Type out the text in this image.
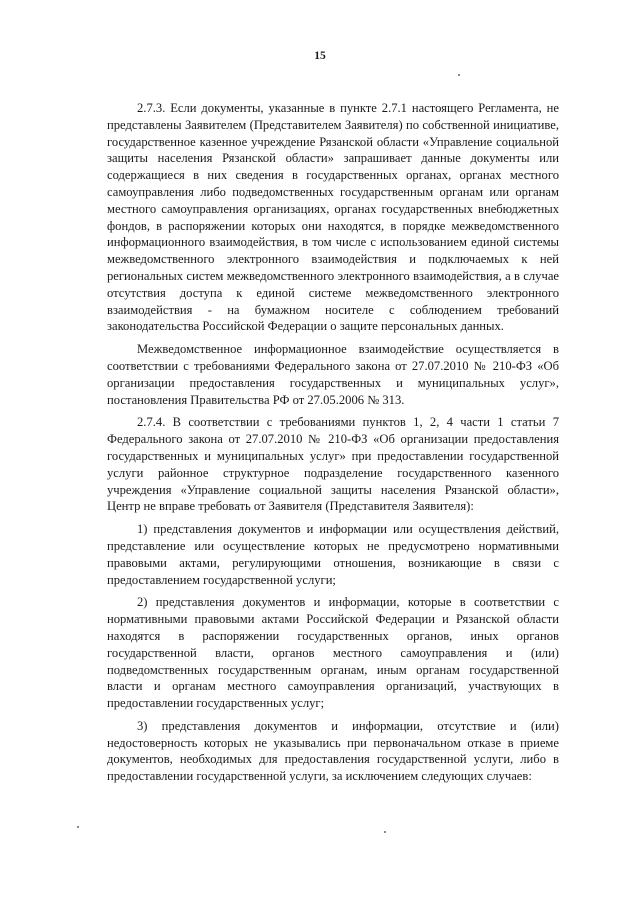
15

2.7.3. Если документы, указанные в пункте 2.7.1 настоящего Регламента, не представлены Заявителем (Представителем Заявителя) по собственной инициативе, государственное казенное учреждение Рязанской области «Управление социальной защиты населения Рязанской области» запрашивает данные документы или содержащиеся в них сведения в государственных органах, органах местного самоуправления либо подведомственных государственным органам или органам местного самоуправления организациях, органах государственных внебюджетных фондов, в распоряжении которых они находятся, в порядке межведомственного информационного взаимодействия, в том числе с использованием единой системы межведомственного электронного взаимодействия и подключаемых к ней региональных систем межведомственного электронного взаимодействия, а в случае отсутствия доступа к единой системе межведомственного электронного взаимодействия - на бумажном носителе с соблюдением требований законодательства Российской Федерации о защите персональных данных.

Межведомственное информационное взаимодействие осуществляется в соответствии с требованиями Федерального закона от 27.07.2010 № 210-ФЗ «Об организации предоставления государственных и муниципальных услуг», постановления Правительства РФ от 27.05.2006 № 313.

2.7.4. В соответствии с требованиями пунктов 1, 2, 4 части 1 статьи 7 Федерального закона от 27.07.2010 № 210-ФЗ «Об организации предоставления государственных и муниципальных услуг» при предоставлении государственной услуги районное структурное подразделение государственного казенного учреждения «Управление социальной защиты населения Рязанской области», Центр не вправе требовать от Заявителя (Представителя Заявителя):

1) представления документов и информации или осуществления действий, представление или осуществление которых не предусмотрено нормативными правовыми актами, регулирующими отношения, возникающие в связи с предоставлением государственной услуги;

2) представления документов и информации, которые в соответствии с нормативными правовыми актами Российской Федерации и Рязанской области находятся в распоряжении государственных органов, иных органов государственной власти, органов местного самоуправления и (или) подведомственных государственным органам, иным органам государственной власти и органам местного самоуправления организаций, участвующих в предоставлении государственных услуг;

3) представления документов и информации, отсутствие и (или) недостоверность которых не указывались при первоначальном отказе в приеме документов, необходимых для предоставления государственной услуги, либо в предоставлении государственной услуги, за исключением следующих случаев:
